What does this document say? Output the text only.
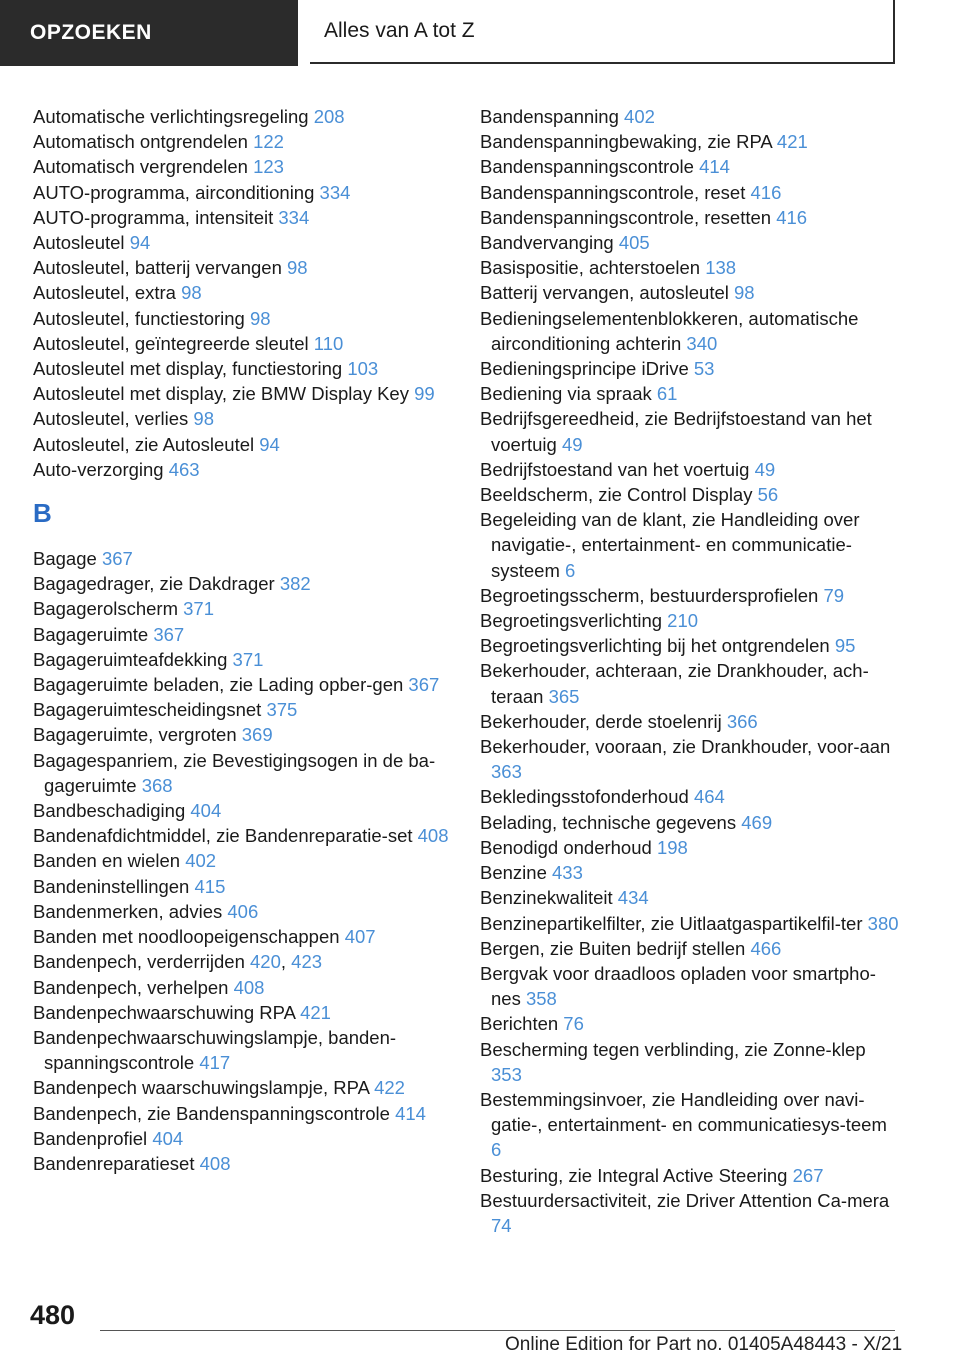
OPZOEKEN	Alles van A tot Z
Automatische verlichtingsregeling 208
Automatisch ontgrendelen 122
Automatisch vergrendelen 123
AUTO-programma, airconditioning 334
AUTO-programma, intensiteit 334
Autosleutel 94
Autosleutel, batterij vervangen 98
Autosleutel, extra 98
Autosleutel, functiestoring 98
Autosleutel, geïntegreerde sleutel 110
Autosleutel met display, functiestoring 103
Autosleutel met display, zie BMW Display Key 99
Autosleutel, verlies 98
Autosleutel, zie Autosleutel 94
Auto-verzorging 463
B
Bagage 367
Bagagedrager, zie Dakdrager 382
Bagagerolscherm 371
Bagageruimte 367
Bagageruimteafdekking 371
Bagageruimte beladen, zie Lading opber-gen 367
Bagageruimtescheidingsnet 375
Bagageruimte, vergroten 369
Bagagespanriem, zie Bevestigingsogen in de ba-gageruimte 368
Bandbeschadiging 404
Bandenafdichtmiddel, zie Bandenreparatie-set 408
Banden en wielen 402
Bandeninstellingen 415
Bandenmerken, advies 406
Banden met noodloopeigenschappen 407
Bandenpech, verderrijden 420, 423
Bandenpech, verhelpen 408
Bandenpechwaarschuwing RPA 421
Bandenpechwaarschuwingslampje, banden-spanningscontrole 417
Bandenpech waarschuwingslampje, RPA 422
Bandenpech, zie Bandenspanningscontrole 414
Bandenprofiel 404
Bandenreparatieset 408
Bandenspanning 402
Bandenspanningbewaking, zie RPA 421
Bandenspanningscontrole 414
Bandenspanningscontrole, reset 416
Bandenspanningscontrole, resetten 416
Bandvervanging 405
Basispositie, achterstoelen 138
Batterij vervangen, autosleutel 98
Bedieningselementenblokkeren, automatische airconditioning achterin 340
Bedieningsprincipe iDrive 53
Bediening via spraak 61
Bedrijfsgereedheid, zie Bedrijfstoestand van het voertuig 49
Bedrijfstoestand van het voertuig 49
Beeldscherm, zie Control Display 56
Begeleiding van de klant, zie Handleiding over navigatie-, entertainment- en communicatie-systeem 6
Begroetingsscherm, bestuurdersprofielen 79
Begroetingsverlichting 210
Begroetingsverlichting bij het ontgrendelen 95
Bekerhouder, achteraan, zie Drankhouder, ach-teraan 365
Bekerhouder, derde stoelenrij 366
Bekerhouder, vooraan, zie Drankhouder, voor-aan 363
Bekledingsstofonderhoud 464
Belading, technische gegevens 469
Benodigd onderhoud 198
Benzine 433
Benzinekwaliteit 434
Benzinepartikelfilter, zie Uitlaatgaspartikelfil-ter 380
Bergen, zie Buiten bedrijf stellen 466
Bergvak voor draadloos opladen voor smartpho-nes 358
Berichten 76
Bescherming tegen verblinding, zie Zonne-klep 353
Bestemmingsinvoer, zie Handleiding over navi-gatie-, entertainment- en communicatiesys-teem 6
Besturing, zie Integral Active Steering 267
Bestuurdersactiviteit, zie Driver Attention Ca-mera 74
480
Online Edition for Part no. 01405A48443 - X/21
